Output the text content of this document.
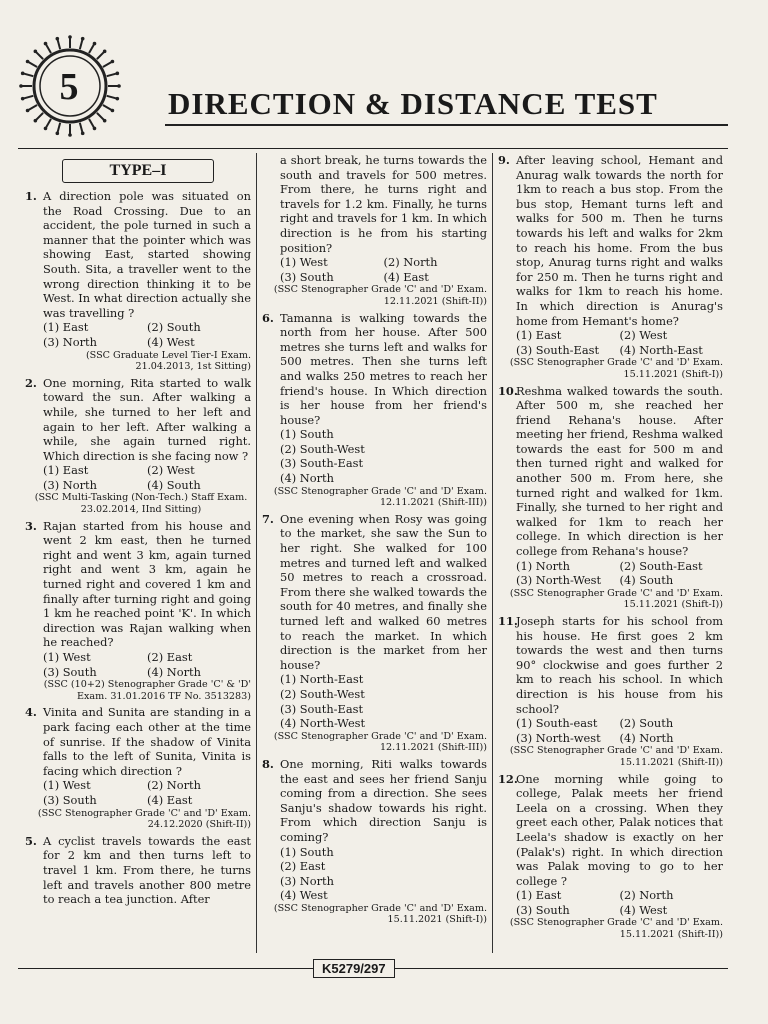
5	DIRECTION & DISTANCE TEST
TYPE–I
1. A direction pole was situated on the Road Crossing. Due to an accident, the pole turned in such a manner that the pointer which was showing East, started showing South. Sita, a traveller went to the wrong direction thinking it to be West. In what direction actually she was travelling ?
(1) East	(2) South
(3) North	(4) West
(SSC Graduate Level Tier-I Exam. 21.04.2013, 1st Sitting)
2. One morning, Rita started to walk toward the sun. After walking a while, she turned to her left and again to her left. After walking a while, she again turned right. Which direction is she facing now ?
(1) East	(2) West
(3) North	(4) South
(SSC Multi-Tasking (Non-Tech.) Staff Exam. 23.02.2014, IInd Sitting)
3. Rajan started from his house and went 2 km east, then he turned right and went 3 km, again turned right and went 3 km, again he turned right and covered 1 km and finally after turning right and going 1 km he reached point 'K'. In which direction was Rajan walking when he reached?
(1) West	(2) East
(3) South	(4) North
(SSC (10+2) Stenographer Grade 'C' & 'D' Exam. 31.01.2016 TF No. 3513283)
4. Vinita and Sunita are standing in a park facing each other at the time of sunrise. If the shadow of Vinita falls to the left of Sunita, Vinita is facing which direction ?
(1) West	(2) North
(3) South	(4) East
(SSC Stenographer Grade 'C' and 'D' Exam. 24.12.2020 (Shift-II))
5. A cyclist travels towards the east for 2 km and then turns left to travel 1 km. From there, he turns left and travels another 800 metre to reach a tea junction. After
a short break, he turns towards the south and travels for 500 metres. From there, he turns right and travels for 1.2 km. Finally, he turns right and travels for 1 km. In which direction is he from his starting position?
(1) West	(2) North
(3) South	(4) East
(SSC Stenographer Grade 'C' and 'D' Exam. 12.11.2021 (Shift-II))
6. Tamanna is walking towards the north from her house. After 500 metres she turns left and walks for 500 metres. Then she turns left and walks 250 metres to reach her friend's house. In Which direction is her house from her friend's house?
(1) South
(2) South-West
(3) South-East
(4) North
(SSC Stenographer Grade 'C' and 'D' Exam. 12.11.2021 (Shift-III))
7. One evening when Rosy was going to the market, she saw the Sun to her right. She walked for 100 metres and turned left and walked 50 metres to reach a crossroad. From there she walked towards the south for 40 metres, and finally she turned left and walked 60 metres to reach the market. In which direction is the market from her house?
(1) North-East
(2) South-West
(3) South-East
(4) North-West
(SSC Stenographer Grade 'C' and 'D' Exam. 12.11.2021 (Shift-III))
8. One morning, Riti walks towards the east and sees her friend Sanju coming from a direction. She sees Sanju's shadow towards his right. From which direction Sanju is coming?
(1) South
(2) East
(3) North
(4) West
(SSC Stenographer Grade 'C' and 'D' Exam. 15.11.2021 (Shift-I))
9. After leaving school, Hemant and Anurag walk towards the north for 1km to reach a bus stop. From the bus stop, Hemant turns left and walks for 500 m. Then he turns towards his left and walks for 2km to reach his home. From the bus stop, Anurag turns right and walks for 250 m. Then he turns right and walks for 1km to reach his home. In which direction is Anurag's home from Hemant's home?
(1) East	(2) West
(3) South-East	(4) North-East
(SSC Stenographer Grade 'C' and 'D' Exam. 15.11.2021 (Shift-I))
10.
Reshma walked towards the south. After 500 m, she reached her friend Rehana's house. After meeting her friend, Reshma walked towards the east for 500 m and then turned right and walked for another 500 m. From here, she turned right and walked for 1km. Finally, she turned to her right and walked for 1km to reach her college. In which direction is her college from Rehana's house?
(1) North	(2) South-East
(3) North-West	(4) South
(SSC Stenographer Grade 'C' and 'D' Exam. 15.11.2021 (Shift-I))
11.
Joseph starts for his school from his house. He first goes 2 km towards the west and then turns 90° clockwise and goes further 2 km to reach his school. In which direction is his house from his school?
(1) South-east	(2) South
(3) North-west	(4) North
(SSC Stenographer Grade 'C' and 'D' Exam. 15.11.2021 (Shift-II))
12.
One morning while going to college, Palak meets her friend Leela on a crossing. When they greet each other, Palak notices that Leela's shadow is exactly on her (Palak's) right. In which direction was Palak moving to go to her college ?
(1) East	(2) North
(3) South	(4) West
(SSC Stenographer Grade 'C' and 'D' Exam. 15.11.2021 (Shift-II))
K5279/297
